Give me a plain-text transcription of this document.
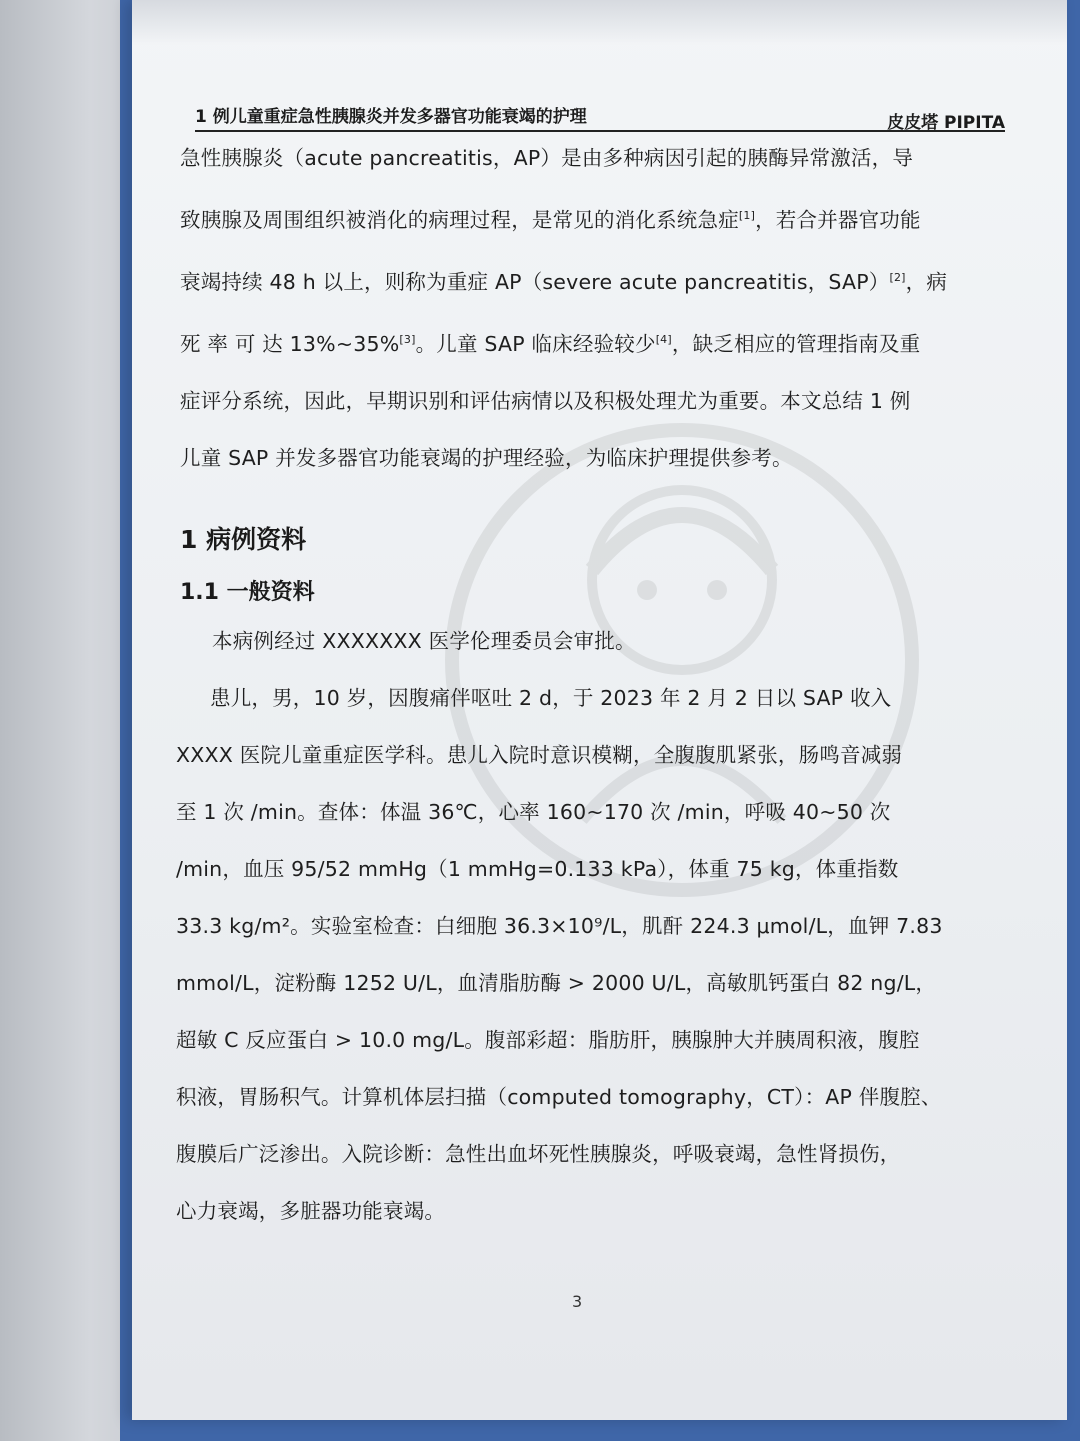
1 例儿童重症急性胰腺炎并发多器官功能衰竭的护理	皮皮塔 PIPITA

急性胰腺炎（acute pancreatitis，AP）是由多种病因引起的胰酶异常激活，导

致胰腺及周围组织被消化的病理过程，是常见的消化系统急症[1]，若合并器官功能

衰竭持续 48 h 以上，则称为重症 AP（severe acute pancreatitis，SAP）[2]，病

死 率 可 达 13%~35%[3]。儿童 SAP 临床经验较少[4]，缺乏相应的管理指南及重

症评分系统，因此，早期识别和评估病情以及积极处理尤为重要。本文总结 1 例

儿童 SAP 并发多器官功能衰竭的护理经验，为临床护理提供参考。

1 病例资料
1.1 一般资料

本病例经过 XXXXXXX 医学伦理委员会审批。

患儿，男，10 岁，因腹痛伴呕吐 2 d，于 2023 年 2 月 2 日以 SAP 收入

XXXX 医院儿童重症医学科。患儿入院时意识模糊，全腹腹肌紧张，肠鸣音减弱

至 1 次 /min。查体：体温 36℃，心率 160~170 次 /min，呼吸 40~50 次

/min，血压 95/52 mmHg（1 mmHg=0.133 kPa），体重 75 kg，体重指数

33.3 kg/m²。实验室检查：白细胞 36.3×10⁹/L，肌酐 224.3 μmol/L，血钾 7.83

mmol/L，淀粉酶 1252 U/L，血清脂肪酶 > 2000 U/L，高敏肌钙蛋白 82 ng/L，

超敏 C 反应蛋白 > 10.0 mg/L。腹部彩超：脂肪肝，胰腺肿大并胰周积液，腹腔

积液，胃肠积气。计算机体层扫描（computed tomography，CT）：AP 伴腹腔、

腹膜后广泛渗出。入院诊断：急性出血坏死性胰腺炎，呼吸衰竭，急性肾损伤，

心力衰竭，多脏器功能衰竭。

3
